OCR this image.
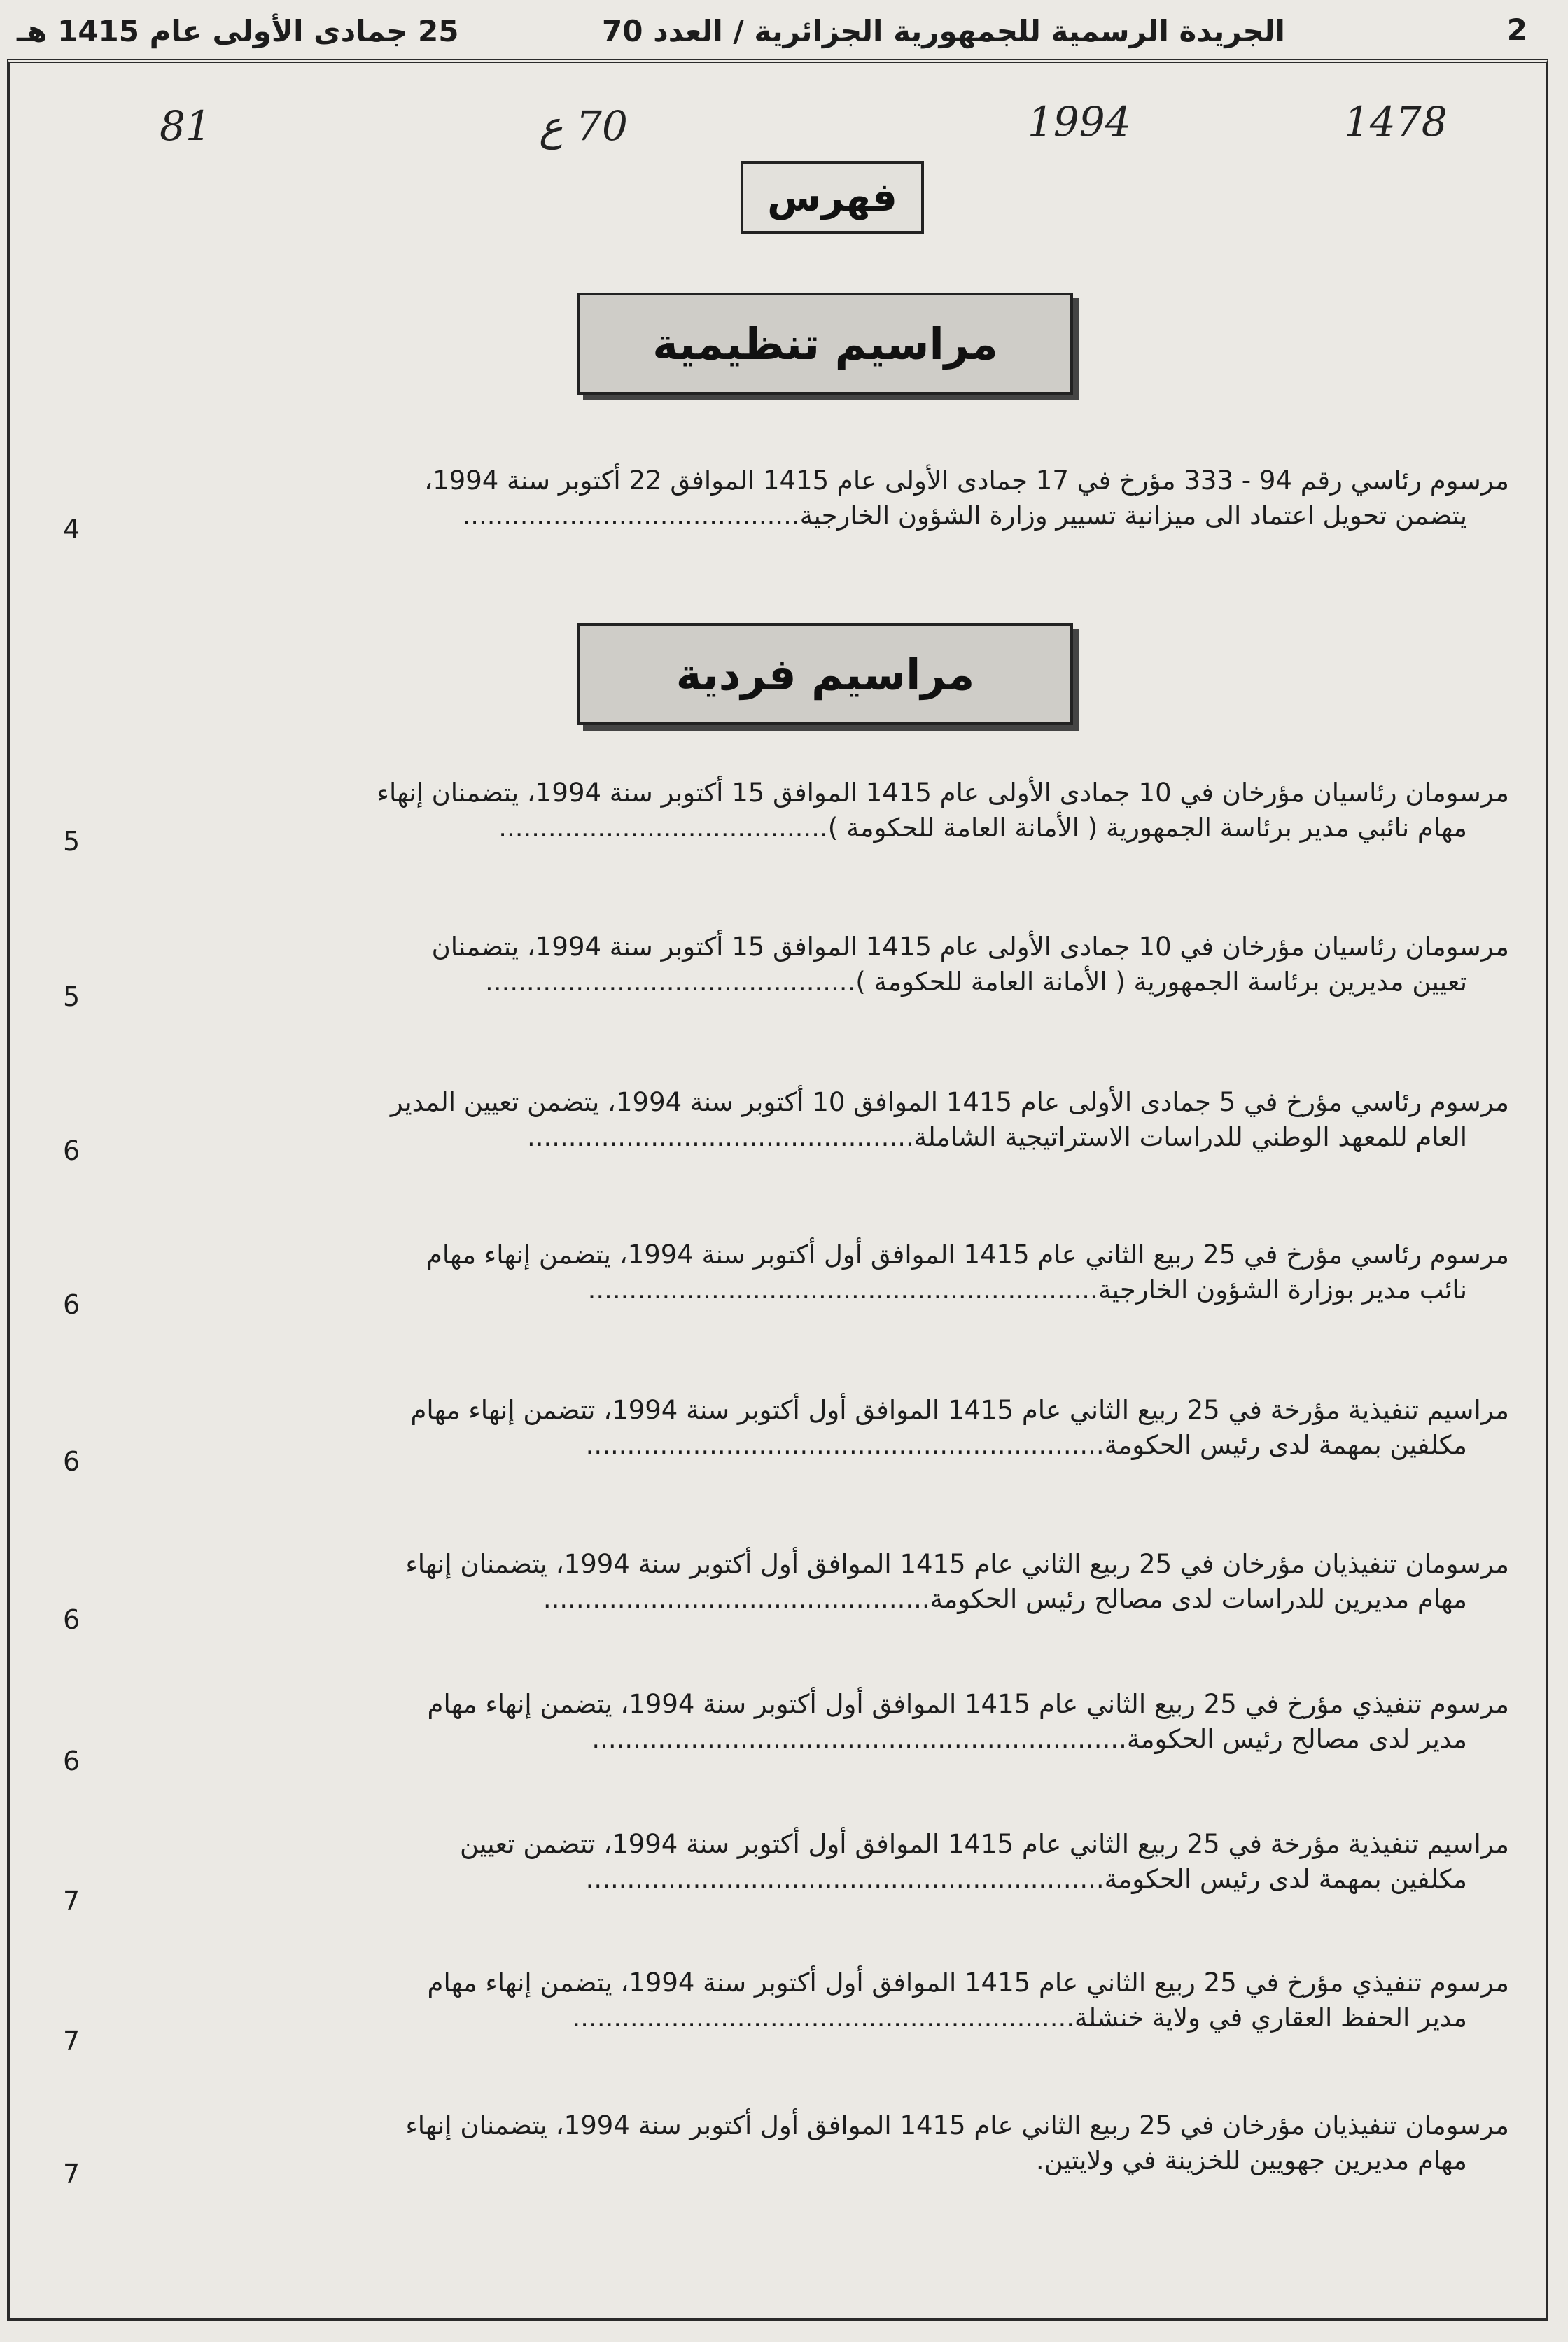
25 جمادى الأولى عام 1415 هـ	الجريدة الرسمية للجمهورية الجزائرية / العدد 70	2
81	70 ع	1994	1478
فهرس
مراسيم تنظيمية
مرسوم رئاسي رقم 94 - 333 مؤرخ في 17 جمادى الأولى عام 1415 الموافق 22 أكتوبر سنة 1994،
يتضمن تحويل اعتماد الى ميزانية تسيير وزارة الشؤون الخارجية.........................................
4
مراسيم فردية
مرسومان رئاسيان مؤرخان في 10 جمادى الأولى عام 1415 الموافق 15 أكتوبر سنة 1994، يتضمنان إنهاء
مهام نائبي مدير برئاسة الجمهورية ( الأمانة العامة للحكومة )........................................
5
مرسومان رئاسيان مؤرخان في 10 جمادى الأولى عام 1415 الموافق 15 أكتوبر سنة 1994، يتضمنان
تعيين مديرين برئاسة الجمهورية ( الأمانة العامة للحكومة ).............................................
5
مرسوم رئاسي مؤرخ في 5 جمادى الأولى عام 1415 الموافق 10 أكتوبر سنة 1994، يتضمن تعيين المدير
العام للمعهد الوطني للدراسات الاستراتيجية الشاملة...............................................
6
مرسوم رئاسي مؤرخ في 25 ربيع الثاني عام 1415 الموافق أول أكتوبر سنة 1994، يتضمن إنهاء مهام
نائب مدير بوزارة الشؤون الخارجية..............................................................
6
مراسيم تنفيذية مؤرخة في 25 ربيع الثاني عام 1415 الموافق أول أكتوبر سنة 1994، تتضمن إنهاء مهام
مكلفين بمهمة لدى رئيس الحكومة...............................................................
6
مرسومان تنفيذيان مؤرخان في 25 ربيع الثاني عام 1415 الموافق أول أكتوبر سنة 1994، يتضمنان إنهاء
مهام مديرين للدراسات لدى مصالح رئيس الحكومة...............................................
6
مرسوم تنفيذي مؤرخ في 25 ربيع الثاني عام 1415 الموافق أول أكتوبر سنة 1994، يتضمن إنهاء مهام
مدير لدى مصالح رئيس الحكومة.................................................................
6
مراسيم تنفيذية مؤرخة في 25 ربيع الثاني عام 1415 الموافق أول أكتوبر سنة 1994، تتضمن تعيين
مكلفين بمهمة لدى رئيس الحكومة...............................................................
7
مرسوم تنفيذي مؤرخ في 25 ربيع الثاني عام 1415 الموافق أول أكتوبر سنة 1994، يتضمن إنهاء مهام
مدير الحفظ العقاري في ولاية خنشلة.............................................................
7
مرسومان تنفيذيان مؤرخان في 25 ربيع الثاني عام 1415 الموافق أول أكتوبر سنة 1994، يتضمنان إنهاء
مهام مديرين جهويين للخزينة في ولايتين.
7
